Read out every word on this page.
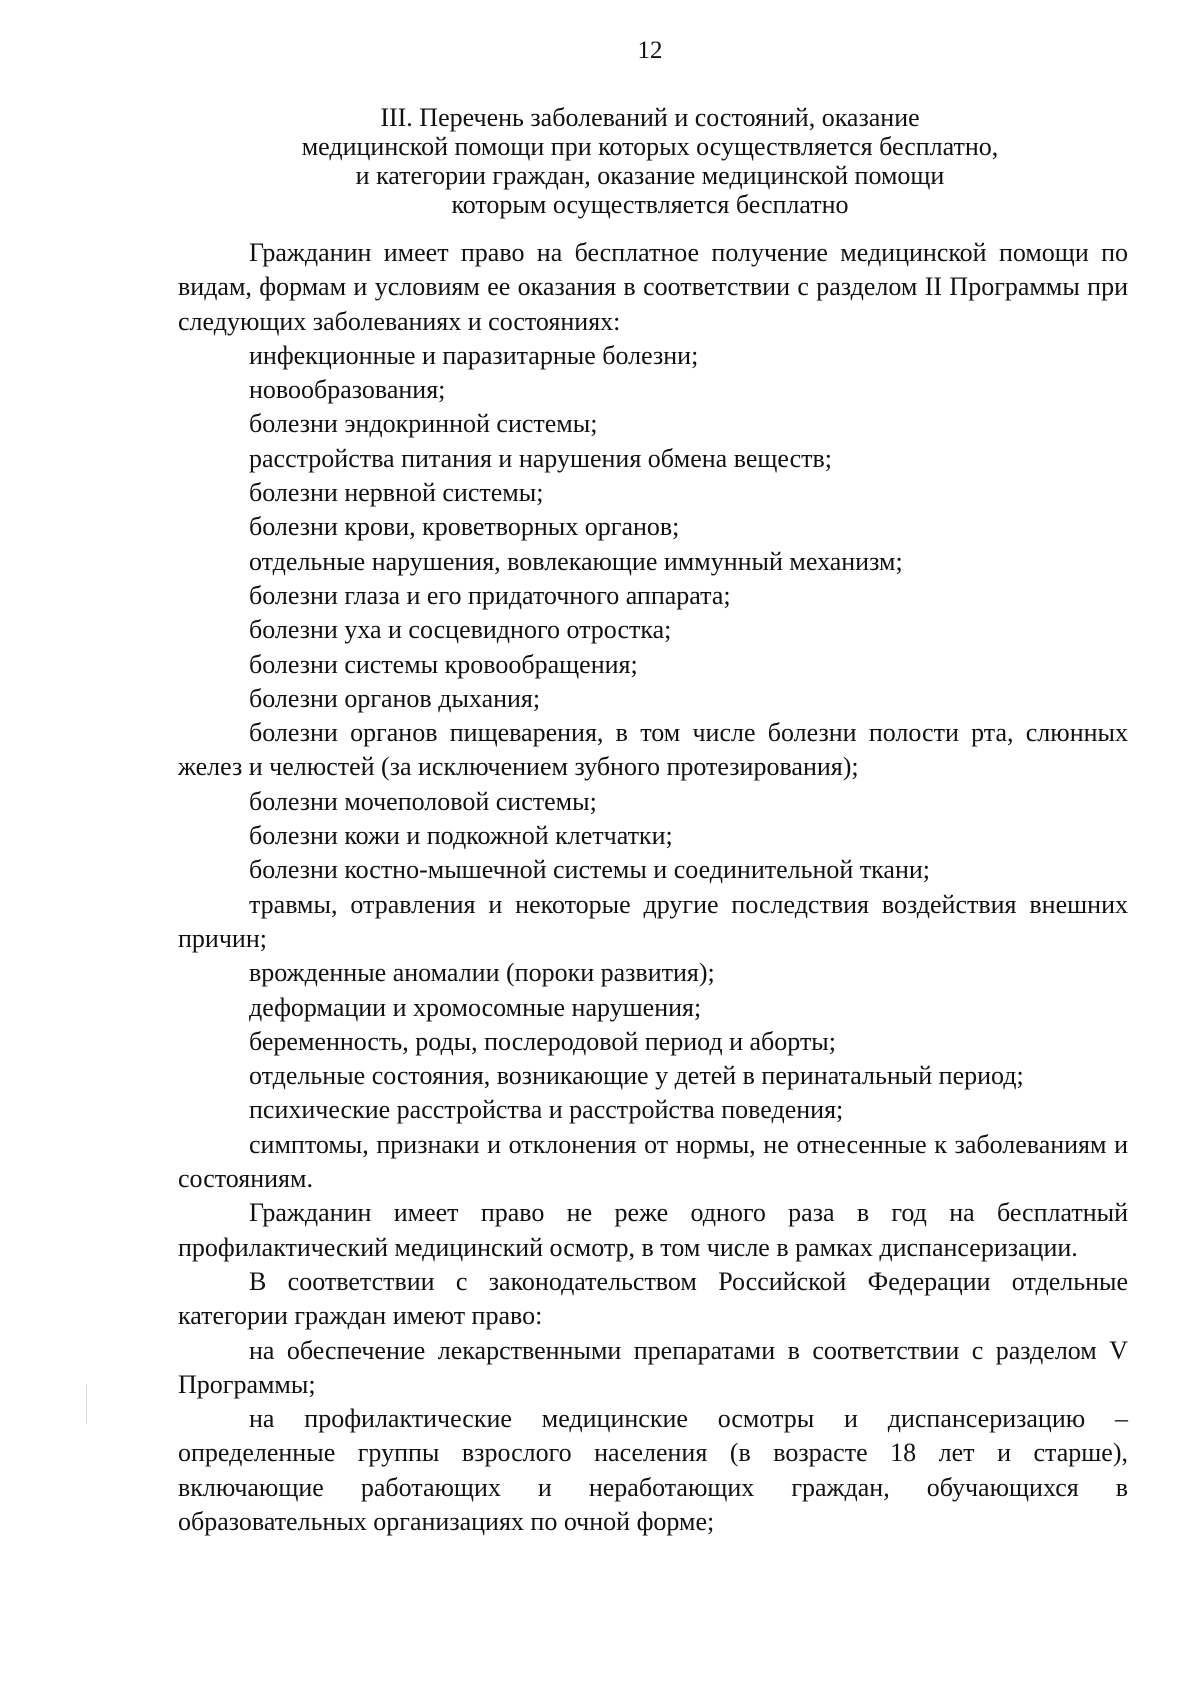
12
III. Перечень заболеваний и состояний, оказание
медицинской помощи при которых осуществляется бесплатно,
и категории граждан, оказание медицинской помощи
которым осуществляется бесплатно

Гражданин имеет право на бесплатное получение медицинской помощи по видам, формам и условиям ее оказания в соответствии с разделом II Программы при следующих заболеваниях и состояниях:

инфекционные и паразитарные болезни;

новообразования;

болезни эндокринной системы;

расстройства питания и нарушения обмена веществ;

болезни нервной системы;

болезни крови, кроветворных органов;

отдельные нарушения, вовлекающие иммунный механизм;

болезни глаза и его придаточного аппарата;

болезни уха и сосцевидного отростка;

болезни системы кровообращения;

болезни органов дыхания;

болезни органов пищеварения, в том числе болезни полости рта, слюнных желез и челюстей (за исключением зубного протезирования);

болезни мочеполовой системы;

болезни кожи и подкожной клетчатки;

болезни костно-мышечной системы и соединительной ткани;

травмы, отравления и некоторые другие последствия воздействия внешних причин;

врожденные аномалии (пороки развития);

деформации и хромосомные нарушения;

беременность, роды, послеродовой период и аборты;

отдельные состояния, возникающие у детей в перинатальный период;

психические расстройства и расстройства поведения;

симптомы, признаки и отклонения от нормы, не отнесенные к заболеваниям и состояниям.

Гражданин имеет право не реже одного раза в год на бесплатный профилактический медицинский осмотр, в том числе в рамках диспансеризации.

В соответствии с законодательством Российской Федерации отдельные категории граждан имеют право:

на обеспечение лекарственными препаратами в соответствии с разделом V Программы;

на профилактические медицинские осмотры и диспансеризацию – определенные группы взрослого населения (в возрасте 18 лет и старше), включающие работающих и неработающих граждан, обучающихся в образовательных организациях по очной форме;
